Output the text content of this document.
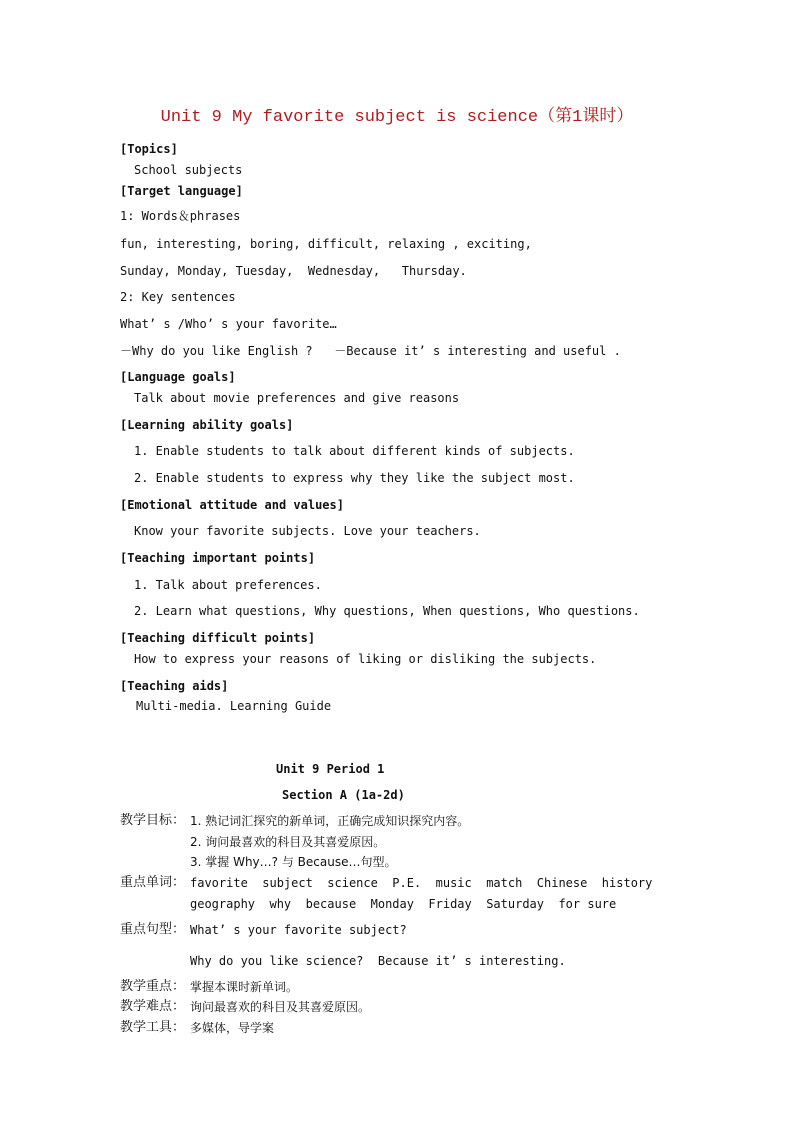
Unit 9 My favorite subject is science（第1课时）
[Topics]
School subjects
[Target language]
1: Words＆phrases
fun, interesting, boring, difficult, relaxing , exciting,
Sunday, Monday, Tuesday,  Wednesday,   Thursday.
2: Key sentences
What’ s /Who’ s your favorite…
－Why do you like English ?   －Because it’ s interesting and useful .
[Language goals]
Talk about movie preferences and give reasons
[Learning ability goals]
1. Enable students to talk about different kinds of subjects.
2. Enable students to express why they like the subject most.
[Emotional attitude and values]
Know your favorite subjects. Love your teachers.
[Teaching important points]
1. Talk about preferences.
2. Learn what questions, Why questions, When questions, Who questions.
[Teaching difficult points]
How to express your reasons of liking or disliking the subjects.
[Teaching aids]
Multi-media. Learning Guide
Unit 9 Period 1
Section A (1a-2d)
教学目标： 1. 熟记词汇探究的新单词，正确完成知识探究内容。
2. 询问最喜欢的科目及其喜爱原因。
3. 掌握 Why…? 与 Because…句型。
重点单词： favorite  subject  science  P.E.  music  match  Chinese  history
geography  why  because  Monday  Friday  Saturday  for sure
重点句型： What’ s your favorite subject?
Why do you like science?  Because it’ s interesting.
教学重点： 掌握本课时新单词。
教学难点： 询问最喜欢的科目及其喜爱原因。
教学工具： 多媒体，导学案
